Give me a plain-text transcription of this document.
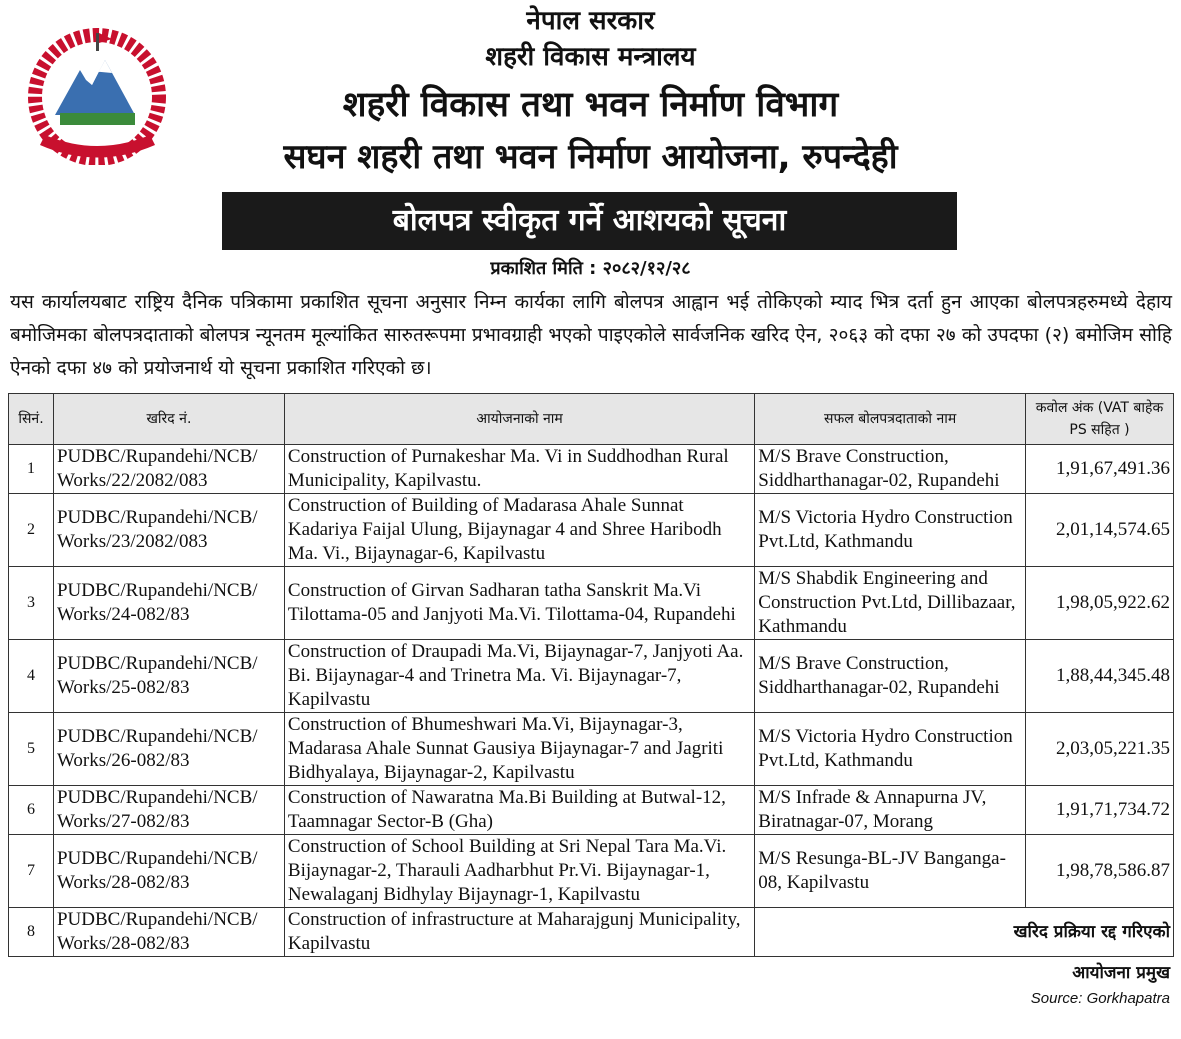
नेपाल सरकार
शहरी विकास मन्त्रालय
शहरी विकास तथा भवन निर्माण विभाग
सघन शहरी तथा भवन निर्माण आयोजना, रुपन्देही
बोलपत्र स्वीकृत गर्ने आशयको सूचना
प्रकाशित मिति : २०८२/१२/२८
यस कार्यालयबाट राष्ट्रिय दैनिक पत्रिकामा प्रकाशित सूचना अनुसार निम्न कार्यका लागि बोलपत्र आह्वान भई तोकिएको म्याद भित्र दर्ता हुन आएका बोलपत्रहरुमध्ये देहाय बमोजिमका बोलपत्रदाताको बोलपत्र न्यूनतम मूल्यांकित सारुतरूपमा प्रभावग्राही भएको पाइएकोले सार्वजनिक खरिद ऐन, २०६३ को दफा २७ को उपदफा (२) बमोजिम सोहि ऐनको दफा ४७ को प्रयोजनार्थ यो सूचना प्रकाशित गरिएको छ।
सिनं.	खरिद नं.	आयोजनाको नाम	सफल बोलपत्रदाताको नाम	कवोल अंक (VAT बाहेक PS सहित )
1	PUDBC/Rupandehi/NCB/ Works/22/2082/083	Construction of Purnakeshar Ma. Vi in Suddhodhan Rural Municipality, Kapilvastu.	M/S Brave Construction, Siddharthanagar-02, Rupandehi	1,91,67,491.36
2	PUDBC/Rupandehi/NCB/ Works/23/2082/083	Construction of Building of Madarasa Ahale Sunnat Kadariya Faijal Ulung, Bijaynagar 4 and Shree Haribodh Ma. Vi., Bijaynagar-6, Kapilvastu	M/S Victoria Hydro Construction Pvt.Ltd, Kathmandu	2,01,14,574.65
3	PUDBC/Rupandehi/NCB/ Works/24-082/83	Construction of Girvan Sadharan tatha Sanskrit Ma.Vi Tilottama-05 and Janjyoti Ma.Vi. Tilottama-04, Rupandehi	M/S Shabdik Engineering and Construction Pvt.Ltd, Dillibazaar, Kathmandu	1,98,05,922.62
4	PUDBC/Rupandehi/NCB/ Works/25-082/83	Construction of Draupadi Ma.Vi, Bijaynagar-7, Janjyoti Aa. Bi. Bijaynagar-4 and Trinetra Ma. Vi. Bijaynagar-7, Kapilvastu	M/S Brave Construction, Siddharthanagar-02, Rupandehi	1,88,44,345.48
5	PUDBC/Rupandehi/NCB/ Works/26-082/83	Construction of Bhumeshwari Ma.Vi, Bijaynagar-3, Madarasa Ahale Sunnat Gausiya Bijaynagar-7 and Jagriti Bidhyalaya, Bijaynagar-2, Kapilvastu	M/S Victoria Hydro Construction Pvt.Ltd, Kathmandu	2,03,05,221.35
6	PUDBC/Rupandehi/NCB/ Works/27-082/83	Construction of Nawaratna Ma.Bi Building at Butwal-12, Taamnagar Sector-B (Gha)	M/S Infrade & Annapurna JV, Biratnagar-07, Morang	1,91,71,734.72
7	PUDBC/Rupandehi/NCB/ Works/28-082/83	Construction of School Building at Sri Nepal Tara Ma.Vi. Bijaynagar-2, Tharauli Aadharbhut Pr.Vi. Bijaynagar-1, Newalaganj Bidhylay Bijaynagr-1, Kapilvastu	M/S Resunga-BL-JV Banganga-08, Kapilvastu	1,98,78,586.87
8	PUDBC/Rupandehi/NCB/ Works/28-082/83	Construction of infrastructure at Maharajgunj Municipality, Kapilvastu	खरिद प्रक्रिया रद्द गरिएको	
आयोजना प्रमुख
Source: Gorkhapatra
